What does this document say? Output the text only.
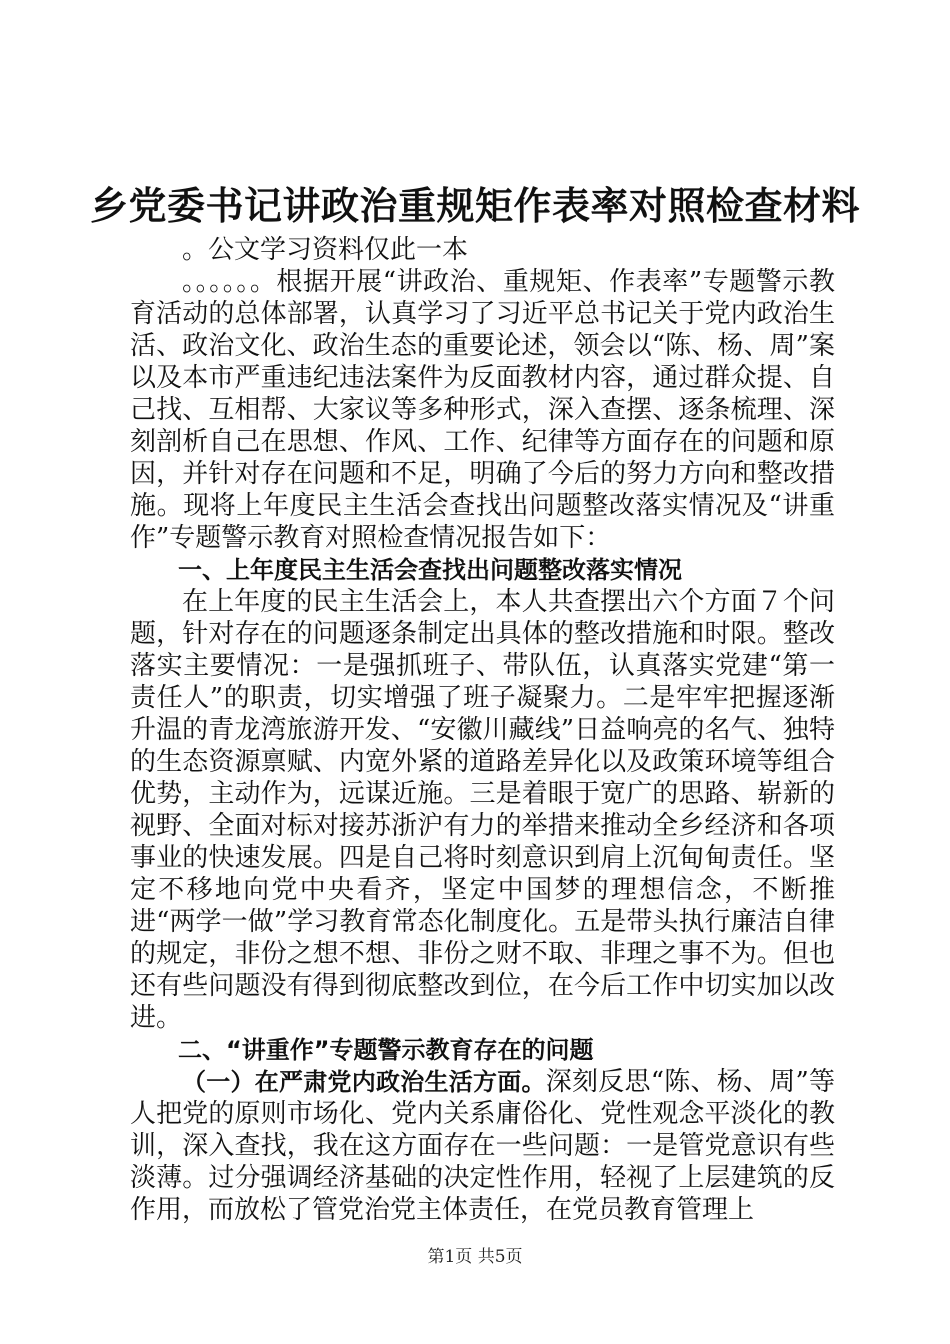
乡党委书记讲政治重规矩作表率对照检查材料

。公文学习资料仅此一本

。。。。。。根据开展“讲政治、重规矩、作表率”专题警示教育活动的总体部署，认真学习了习近平总书记关于党内政治生活、政治文化、政治生态的重要论述，领会以“陈、杨、周”案以及本市严重违纪违法案件为反面教材内容，通过群众提、自己找、互相帮、大家议等多种形式，深入查摆、逐条梳理、深刻剖析自己在思想、作风、工作、纪律等方面存在的问题和原因，并针对存在问题和不足，明确了今后的努力方向和整改措施。现将上年度民主生活会查找出问题整改落实情况及“讲重作”专题警示教育对照检查情况报告如下：

一、上年度民主生活会查找出问题整改落实情况

在上年度的民主生活会上，本人共查摆出六个方面７个问题，针对存在的问题逐条制定出具体的整改措施和时限。整改落实主要情况：一是强抓班子、带队伍，认真落实党建“第一责任人”的职责，切实增强了班子凝聚力。二是牢牢把握逐渐升温的青龙湾旅游开发、“安徽川藏线”日益响亮的名气、独特的生态资源禀赋、内宽外紧的道路差异化以及政策环境等组合优势，主动作为，远谋近施。三是着眼于宽广的思路、崭新的视野、全面对标对接苏浙沪有力的举措来推动全乡经济和各项事业的快速发展。四是自己将时刻意识到肩上沉甸甸责任。坚定不移地向党中央看齐，坚定中国梦的理想信念，不断推进“两学一做”学习教育常态化制度化。五是带头执行廉洁自律的规定，非份之想不想、非份之财不取、非理之事不为。但也还有些问题没有得到彻底整改到位，在今后工作中切实加以改进。

二、“讲重作”专题警示教育存在的问题

（一）在严肃党内政治生活方面。深刻反思“陈、杨、周”等人把党的原则市场化、党内关系庸俗化、党性观念平淡化的教训，深入查找，我在这方面存在一些问题：一是管党意识有些淡薄。过分强调经济基础的决定性作用，轻视了上层建筑的反作用，而放松了管党治党主体责任，在党员教育管理上

第1页 共5页
